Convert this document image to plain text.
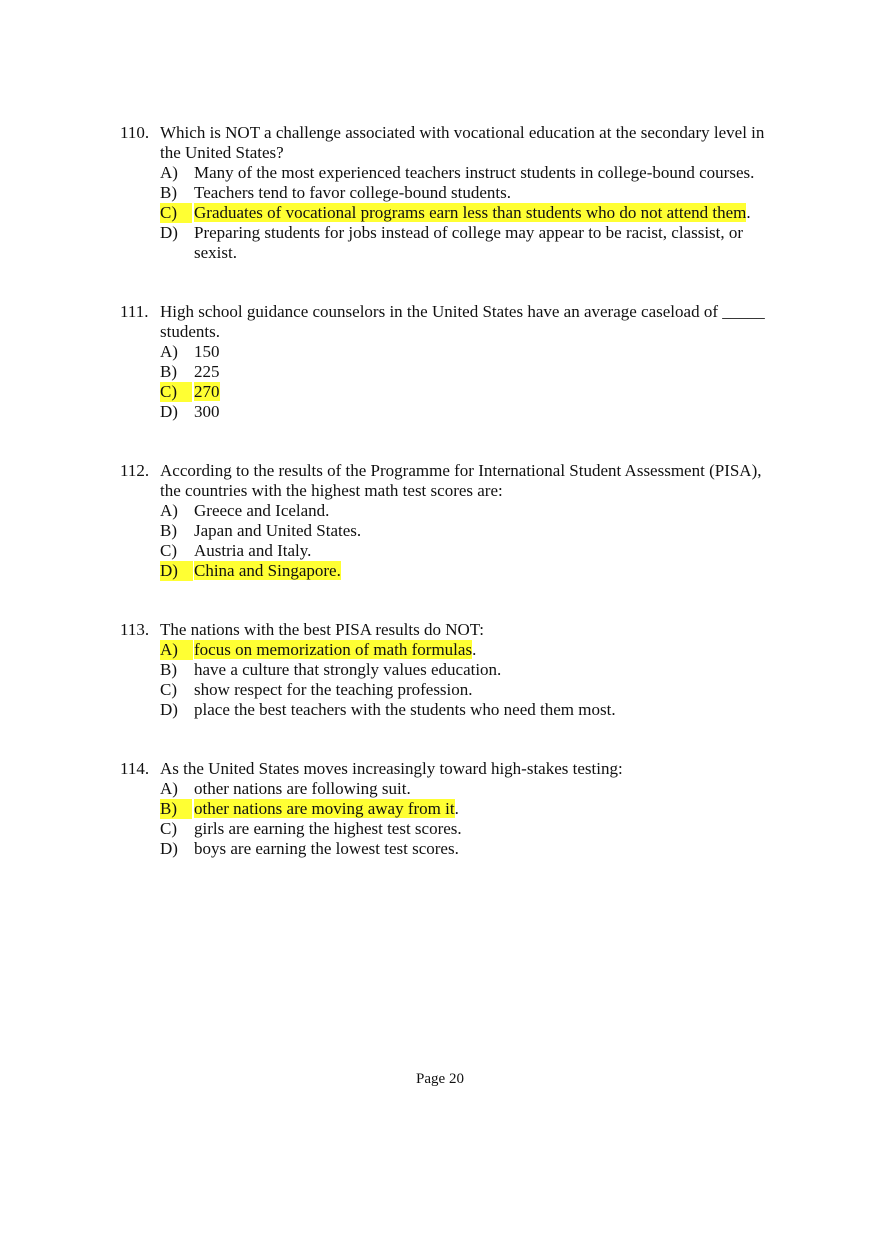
110. Which is NOT a challenge associated with vocational education at the secondary level in the United States?
A) Many of the most experienced teachers instruct students in college-bound courses.
B) Teachers tend to favor college-bound students.
C)	Graduates of vocational programs earn less than students who do not attend them.
D) Preparing students for jobs instead of college may appear to be racist, classist, or sexist.
111. High school guidance counselors in the United States have an average caseload of _____ students.
A) 150
B) 225
C)	270
D) 300
112. According to the results of the Programme for International Student Assessment (PISA), the countries with the highest math test scores are:
A) Greece and Iceland.
B) Japan and United States.
C) Austria and Italy.
D) China and Singapore.
113. The nations with the best PISA results do NOT:
A) focus on memorization of math formulas.
B) have a culture that strongly values education.
C) show respect for the teaching profession.
D) place the best teachers with the students who need them most.
114. As the United States moves increasingly toward high-stakes testing:
A) other nations are following suit.
B)	other nations are moving away from it.
C) girls are earning the highest test scores.
D) boys are earning the lowest test scores.
Page 20
